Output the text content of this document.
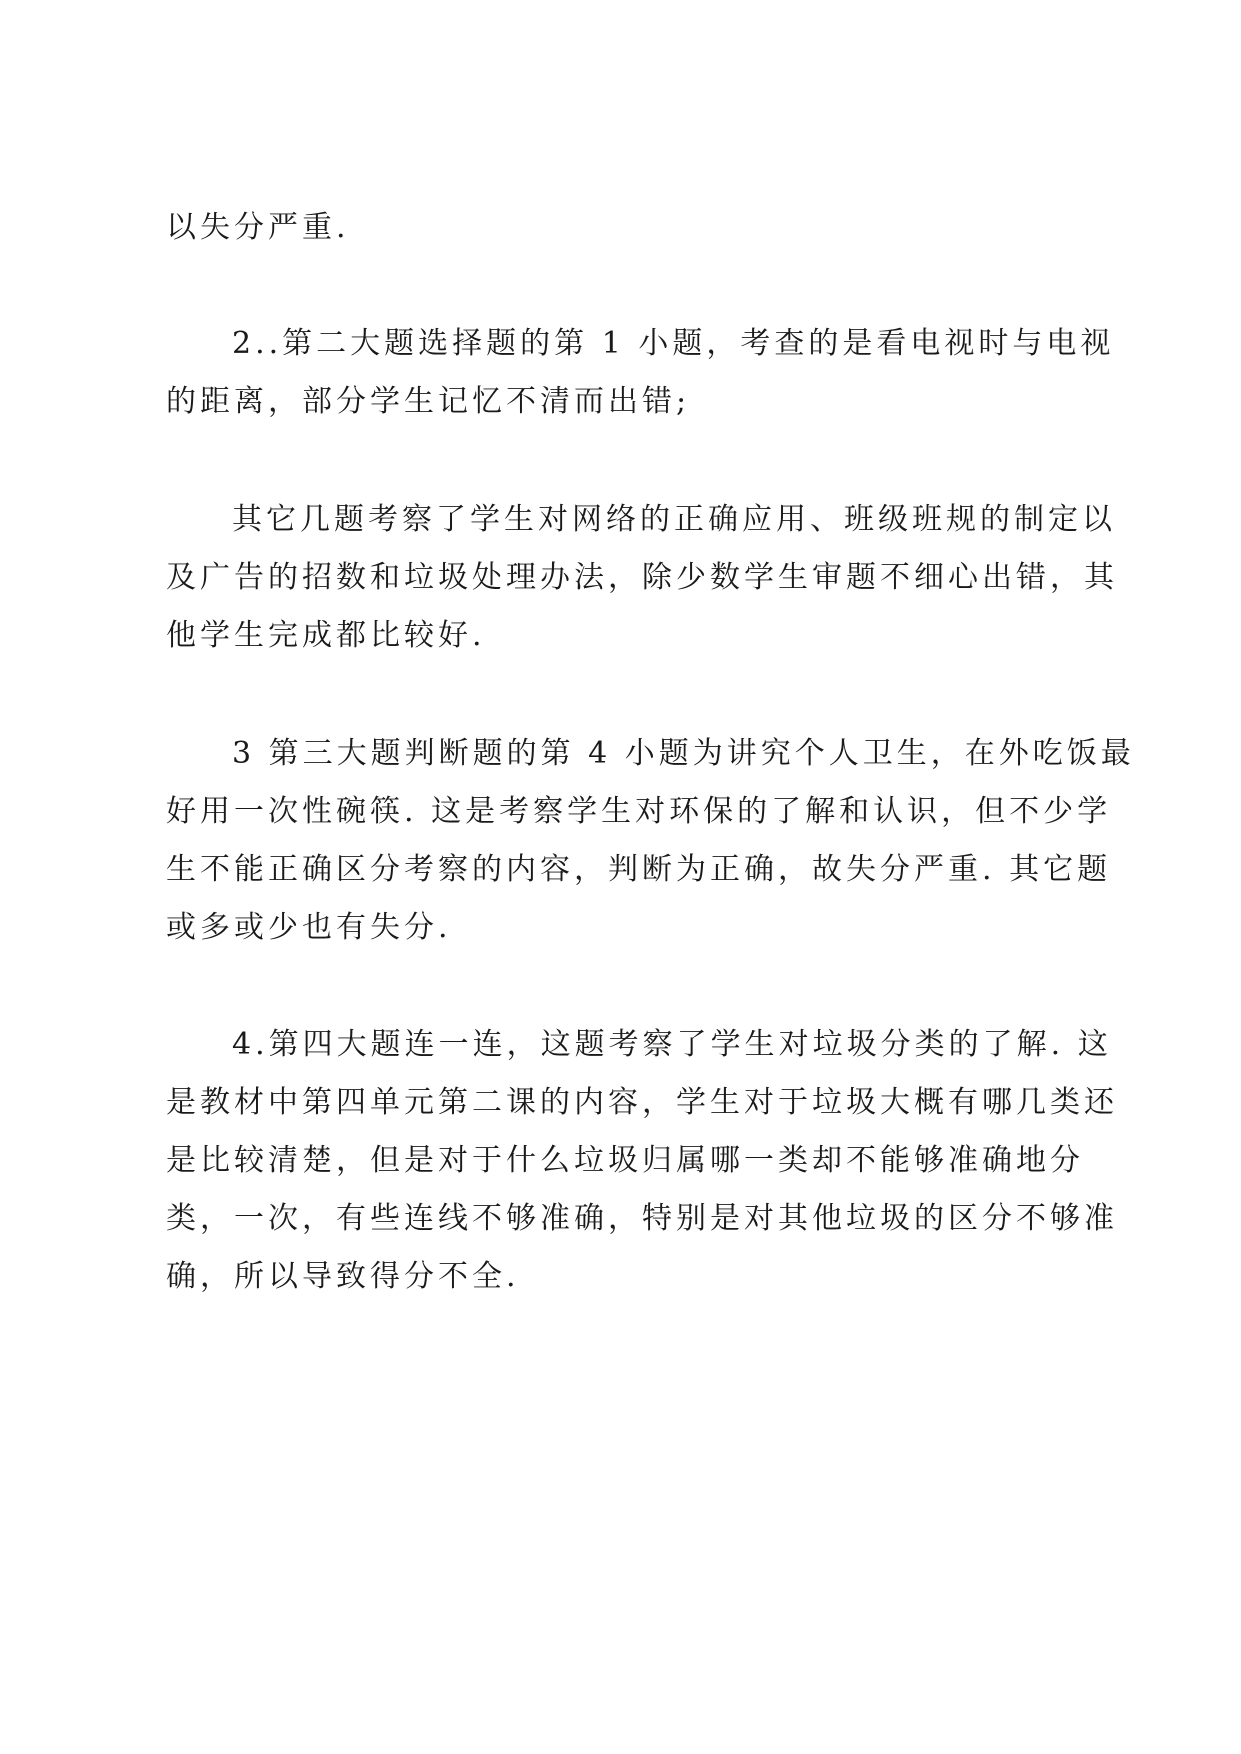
以失分严重.
2..第二大题选择题的第 1 小题，考查的是看电视时与电视
的距离，部分学生记忆不清而出错;
其它几题考察了学生对网络的正确应用、班级班规的制定以
及广告的招数和垃圾处理办法，除少数学生审题不细心出错，其
他学生完成都比较好.
3 第三大题判断题的第 4 小题为讲究个人卫生，在外吃饭最
好用一次性碗筷. 这是考察学生对环保的了解和认识，但不少学
生不能正确区分考察的内容，判断为正确，故失分严重. 其它题
或多或少也有失分.
4.第四大题连一连，这题考察了学生对垃圾分类的了解. 这
是教材中第四单元第二课的内容，学生对于垃圾大概有哪几类还
是比较清楚，但是对于什么垃圾归属哪一类却不能够准确地分
类，一次，有些连线不够准确，特别是对其他垃圾的区分不够准
确，所以导致得分不全.
